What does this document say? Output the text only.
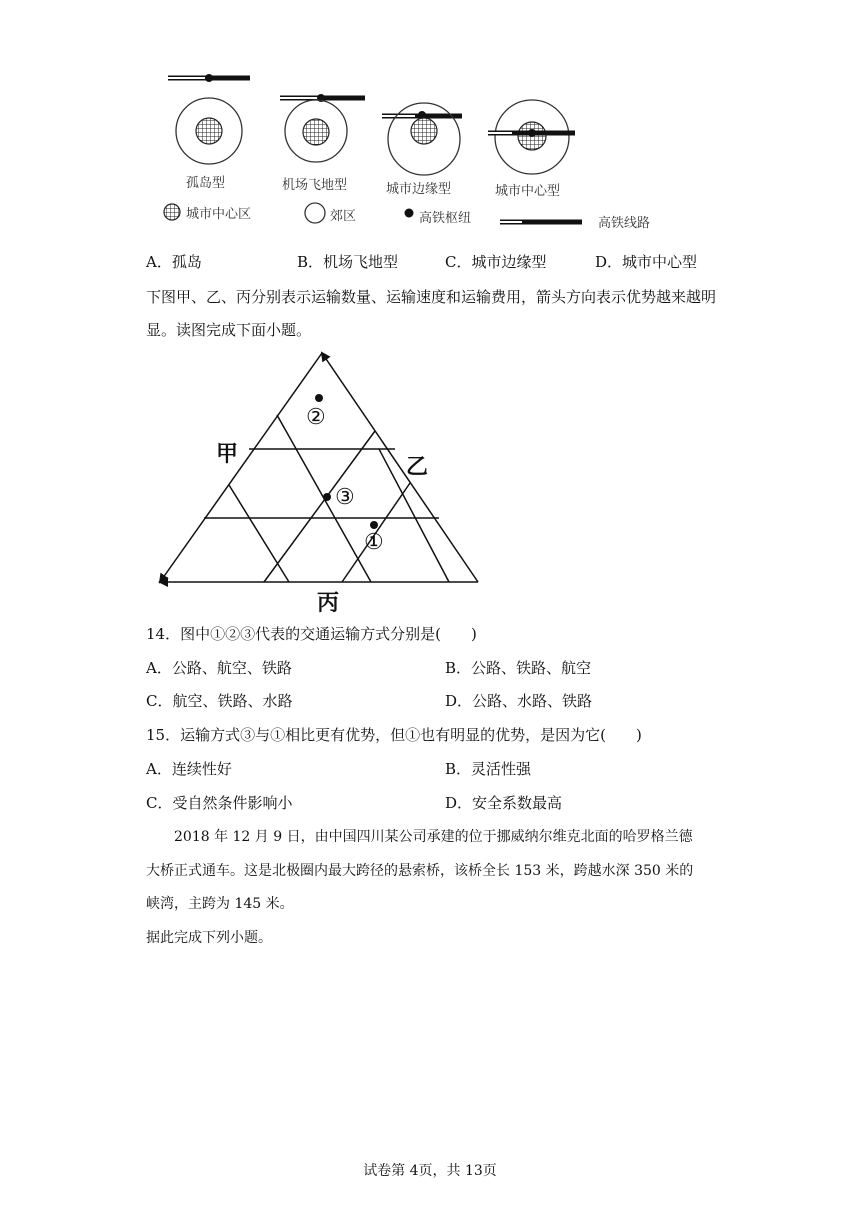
孤岛型	机场飞地型	城市边缘型	城市中心型
城市中心区	郊区	高铁枢纽	高铁线路
A．孤岛	B．机场飞地型	C．城市边缘型	D．城市中心型
下图甲、乙、丙分别表示运输数量、运输速度和运输费用，箭头方向表示优势越来越明
显。读图完成下面小题。
甲	乙
丙
②
③
①
14．图中①②③代表的交通运输方式分别是(　　)
A．公路、航空、铁路	B．公路、铁路、航空
C．航空、铁路、水路	D．公路、水路、铁路
15．运输方式③与①相比更有优势，但①也有明显的优势，是因为它(　　)
A．连续性好	B．灵活性强
C．受自然条件影响小	D．安全系数最高
2018 年 12 月 9 日，由中国四川某公司承建的位于挪威纳尔维克北面的哈罗格兰德
大桥正式通车。这是北极圈内最大跨径的悬索桥，该桥全长 153 米，跨越水深 350 米的
峡湾，主跨为 145 米。
据此完成下列小题。
试卷第 4页，共 13页
